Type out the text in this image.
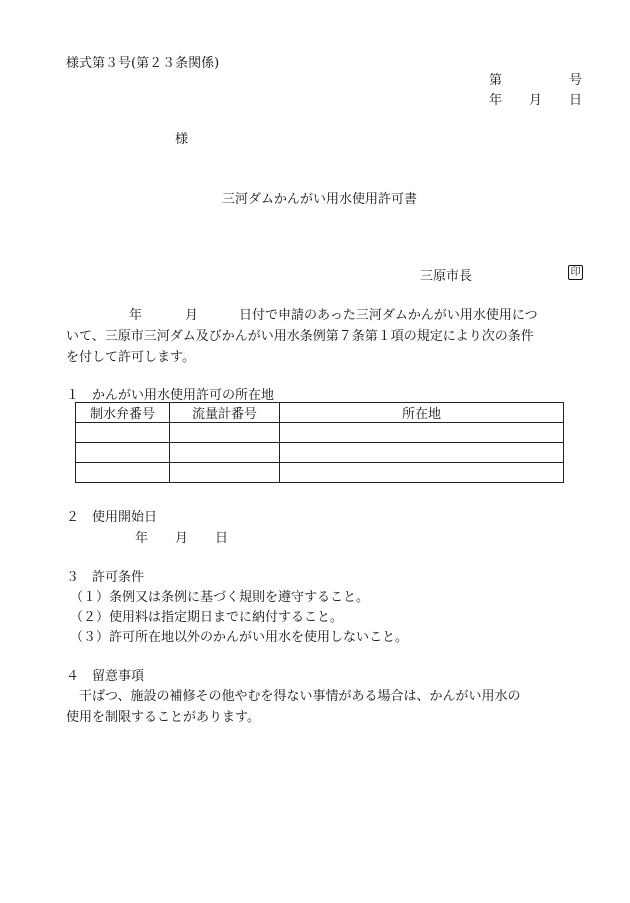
様式第３号(第２３条関係)
第	号
年 月 日
様
三河ダムかんがい用水使用許可書
三原市長	印
年	月	日付で申請のあった三河ダムかんがい用水使用につ
いて、三原市三河ダム及びかんがい用水条例第７条第１項の規定により次の条件
を付して許可します。
１　かんがい用水使用許可の所在地
制水弁番号	流量計番号	所在地

２　使用開始日
年 月 日
３　許可条件
（１）条例又は条例に基づく規則を遵守すること。
（２）使用料は指定期日までに納付すること。
（３）許可所在地以外のかんがい用水を使用しないこと。
４　留意事項
　干ばつ、施設の補修その他やむを得ない事情がある場合は、かんがい用水の
使用を制限することがあります。
